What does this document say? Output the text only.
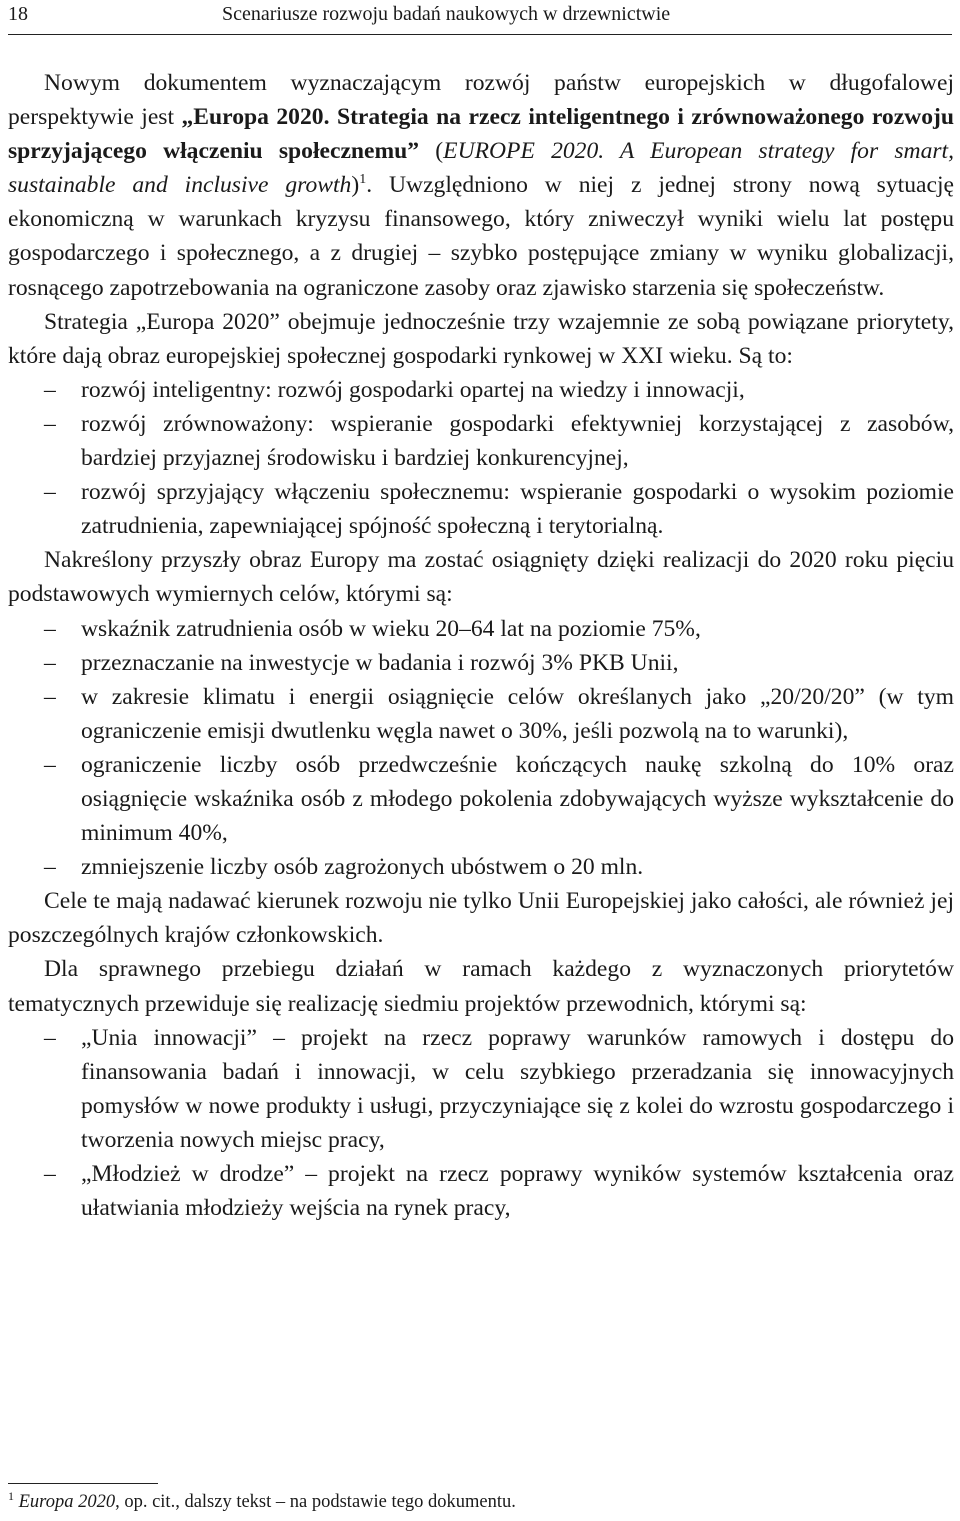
18	Scenariusze rozwoju badań naukowych w drzewnictwie

Nowym dokumentem wyznaczającym rozwój państw europejskich w długofalowej perspektywie jest „Europa 2020. Strategia na rzecz inteligentnego i zrównoważonego rozwoju sprzyjającego włączeniu społecznemu” (EUROPE 2020. A European strategy for smart, sustainable and inclusive growth)$^1$. Uwzględniono w niej z jednej strony nową sytuację ekonomiczną w warunkach kryzysu finansowego, który zniweczył wyniki wielu lat postępu gospodarczego i społecznego, a z drugiej – szybko postępujące zmiany w wyniku globalizacji, rosnącego zapotrzebowania na ograniczone zasoby oraz zjawisko starzenia się społeczeństw.

Strategia „Europa 2020” obejmuje jednocześnie trzy wzajemnie ze sobą powiązane priorytety, które dają obraz europejskiej społecznej gospodarki rynkowej w XXI wieku. Są to:

– rozwój inteligentny: rozwój gospodarki opartej na wiedzy i innowacji,
– rozwój zrównoważony: wspieranie gospodarki efektywniej korzystającej z zasobów, bardziej przyjaznej środowisku i bardziej konkurencyjnej,
– rozwój sprzyjający włączeniu społecznemu: wspieranie gospodarki o wysokim poziomie zatrudnienia, zapewniającej spójność społeczną i terytorialną.

Nakreślony przyszły obraz Europy ma zostać osiągnięty dzięki realizacji do 2020 roku pięciu podstawowych wymiernych celów, którymi są:

– wskaźnik zatrudnienia osób w wieku 20–64 lat na poziomie 75%,
– przeznaczanie na inwestycje w badania i rozwój 3% PKB Unii,
– w zakresie klimatu i energii osiągnięcie celów określanych jako „20/20/20” (w tym ograniczenie emisji dwutlenku węgla nawet o 30%, jeśli pozwolą na to warunki),
– ograniczenie liczby osób przedwcześnie kończących naukę szkolną do 10% oraz osiągnięcie wskaźnika osób z młodego pokolenia zdobywających wyższe wykształcenie do minimum 40%,
– zmniejszenie liczby osób zagrożonych ubóstwem o 20 mln.

Cele te mają nadawać kierunek rozwoju nie tylko Unii Europejskiej jako całości, ale również jej poszczególnych krajów członkowskich.

Dla sprawnego przebiegu działań w ramach każdego z wyznaczonych priorytetów tematycznych przewiduje się realizację siedmiu projektów przewodnich, którymi są:

– „Unia innowacji” – projekt na rzecz poprawy warunków ramowych i dostępu do finansowania badań i innowacji, w celu szybkiego przeradzania się innowacyjnych pomysłów w nowe produkty i usługi, przyczyniające się z kolei do wzrostu gospodarczego i tworzenia nowych miejsc pracy,
– „Młodzież w drodze” – projekt na rzecz poprawy wyników systemów kształcenia oraz ułatwiania młodzieży wejścia na rynek pracy,
$^1$ Europa 2020, op. cit., dalszy tekst – na podstawie tego dokumentu.
